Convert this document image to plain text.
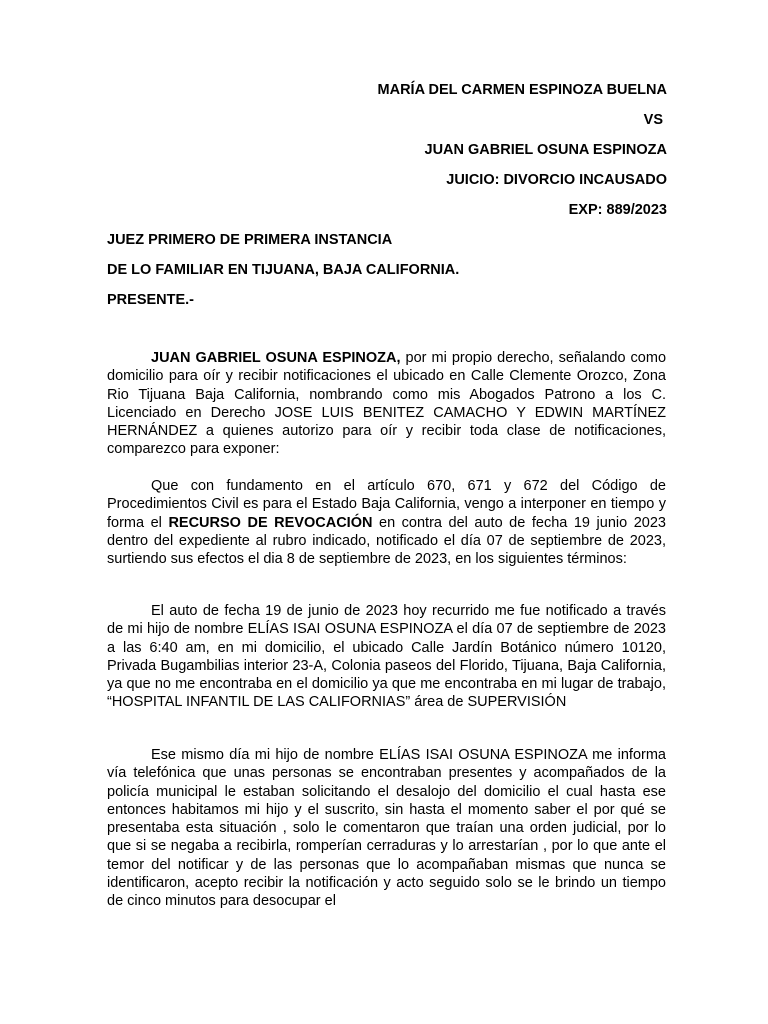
MARÍA DEL CARMEN ESPINOZA BUELNA
VS
JUAN GABRIEL OSUNA ESPINOZA
JUICIO: DIVORCIO INCAUSADO
EXP: 889/2023
JUEZ PRIMERO DE PRIMERA INSTANCIA
DE LO FAMILIAR EN TIJUANA, BAJA CALIFORNIA.
PRESENTE.-

JUAN GABRIEL OSUNA ESPINOZA, por mi propio derecho, señalando como domicilio para oír y recibir notificaciones el ubicado en Calle Clemente Orozco, Zona Rio Tijuana Baja California, nombrando como mis Abogados Patrono a los C. Licenciado en Derecho JOSE LUIS BENITEZ CAMACHO Y EDWIN MARTÍNEZ HERNÁNDEZ a quienes autorizo para oír y recibir toda clase de notificaciones, comparezco para exponer:

Que con fundamento en el artículo 670, 671 y 672 del Código de Procedimientos Civil es para el Estado Baja California, vengo a interponer en tiempo y forma el RECURSO DE REVOCACIÓN en contra del auto de fecha 19 junio 2023 dentro del expediente al rubro indicado, notificado el día 07 de septiembre de 2023, surtiendo sus efectos el dia 8 de septiembre de 2023, en los siguientes términos:

El auto de fecha 19 de junio de 2023 hoy recurrido me fue notificado a través de mi hijo de nombre ELÍAS ISAI OSUNA ESPINOZA el día 07 de septiembre de 2023 a las 6:40 am, en mi domicilio, el ubicado Calle Jardín Botánico número 10120, Privada Bugambilias interior 23-A, Colonia paseos del Florido, Tijuana, Baja California, ya que no me encontraba en el domicilio ya que me encontraba en mi lugar de trabajo, “HOSPITAL INFANTIL DE LAS CALIFORNIAS” área de SUPERVISIÓN

Ese mismo día mi hijo de nombre ELÍAS ISAI OSUNA ESPINOZA me informa vía telefónica que unas personas se encontraban presentes y acompañados de la policía municipal le estaban solicitando el desalojo del domicilio el cual hasta ese entonces habitamos mi hijo y el suscrito, sin hasta el momento saber el por qué se presentaba esta situación , solo le comentaron que traían una orden judicial, por lo que si se negaba a recibirla, romperían cerraduras y lo arrestarían , por lo que ante el temor del notificar y de las personas que lo acompañaban mismas que nunca se identificaron, acepto recibir la notificación y acto seguido solo se le brindo un tiempo de cinco minutos para desocupar el
